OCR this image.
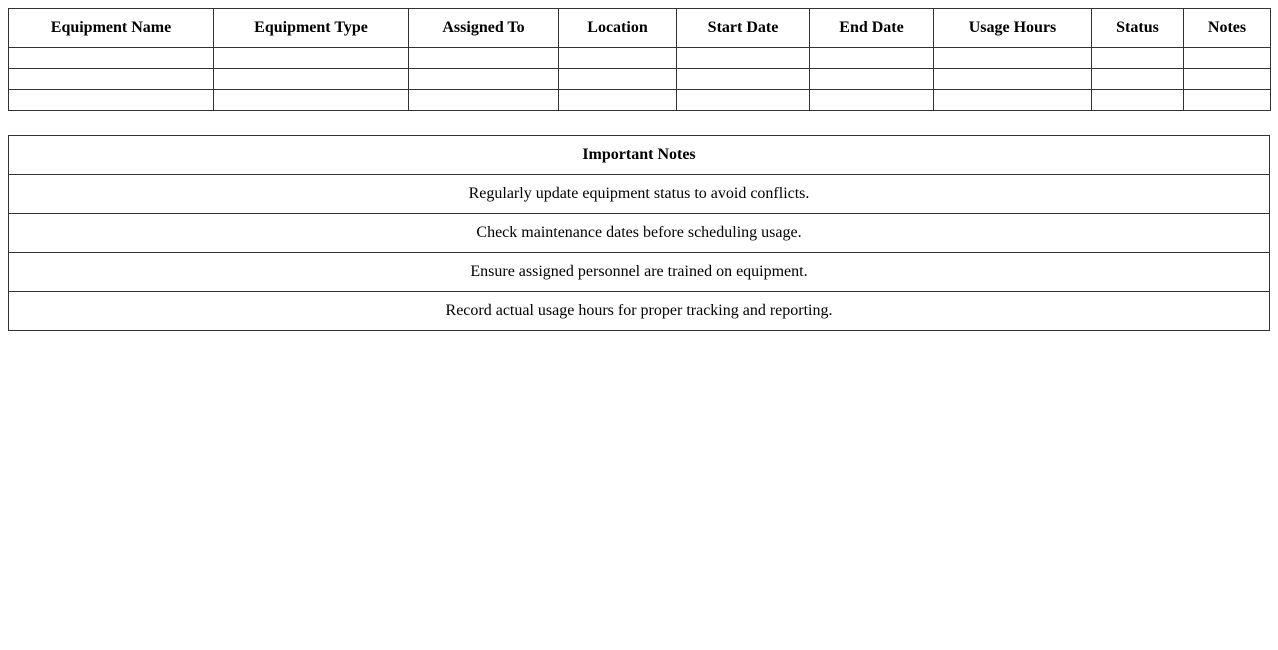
Equipment Name	Equipment Type	Assigned To	Location	Start Date	End Date	Usage Hours	Status	Notes

Important Notes
Regularly update equipment status to avoid conflicts.
Check maintenance dates before scheduling usage.
Ensure assigned personnel are trained on equipment.
Record actual usage hours for proper tracking and reporting.
